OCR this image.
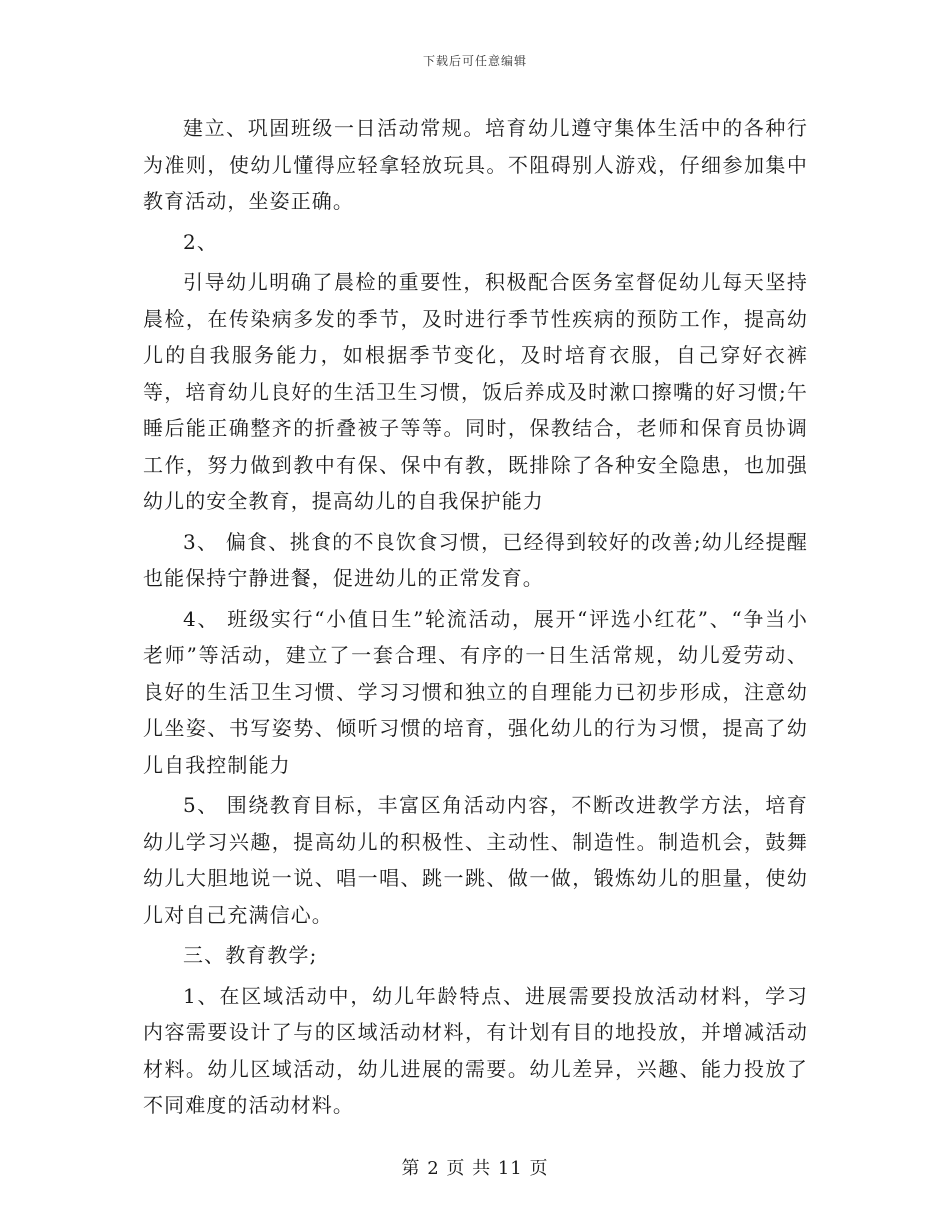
下载后可任意编辑

建立、巩固班级一日活动常规。培育幼儿遵守集体生活中的各种行为准则，使幼儿懂得应轻拿轻放玩具。不阻碍别人游戏，仔细参加集中教育活动，坐姿正确。

2、

引导幼儿明确了晨检的重要性，积极配合医务室督促幼儿每天坚持晨检，在传染病多发的季节，及时进行季节性疾病的预防工作，提高幼儿的自我服务能力，如根据季节变化，及时培育衣服，自己穿好衣裤等，培育幼儿良好的生活卫生习惯，饭后养成及时漱口擦嘴的好习惯;午睡后能正确整齐的折叠被子等等。同时，保教结合，老师和保育员协调工作，努力做到教中有保、保中有教，既排除了各种安全隐患，也加强幼儿的安全教育，提高幼儿的自我保护能力

3、 偏食、挑食的不良饮食习惯，已经得到较好的改善;幼儿经提醒也能保持宁静进餐，促进幼儿的正常发育。

4、 班级实行“小值日生”轮流活动，展开“评选小红花”、“争当小老师”等活动，建立了一套合理、有序的一日生活常规，幼儿爱劳动、良好的生活卫生习惯、学习习惯和独立的自理能力已初步形成，注意幼儿坐姿、书写姿势、倾听习惯的培育，强化幼儿的行为习惯，提高了幼儿自我控制能力

5、 围绕教育目标，丰富区角活动内容，不断改进教学方法，培育幼儿学习兴趣，提高幼儿的积极性、主动性、制造性。制造机会，鼓舞幼儿大胆地说一说、唱一唱、跳一跳、做一做，锻炼幼儿的胆量，使幼儿对自己充满信心。

三、教育教学;

1、在区域活动中，幼儿年龄特点、进展需要投放活动材料，学习内容需要设计了与的区域活动材料，有计划有目的地投放，并增减活动材料。幼儿区域活动，幼儿进展的需要。幼儿差异，兴趣、能力投放了不同难度的活动材料。

第 2 页 共 11 页
